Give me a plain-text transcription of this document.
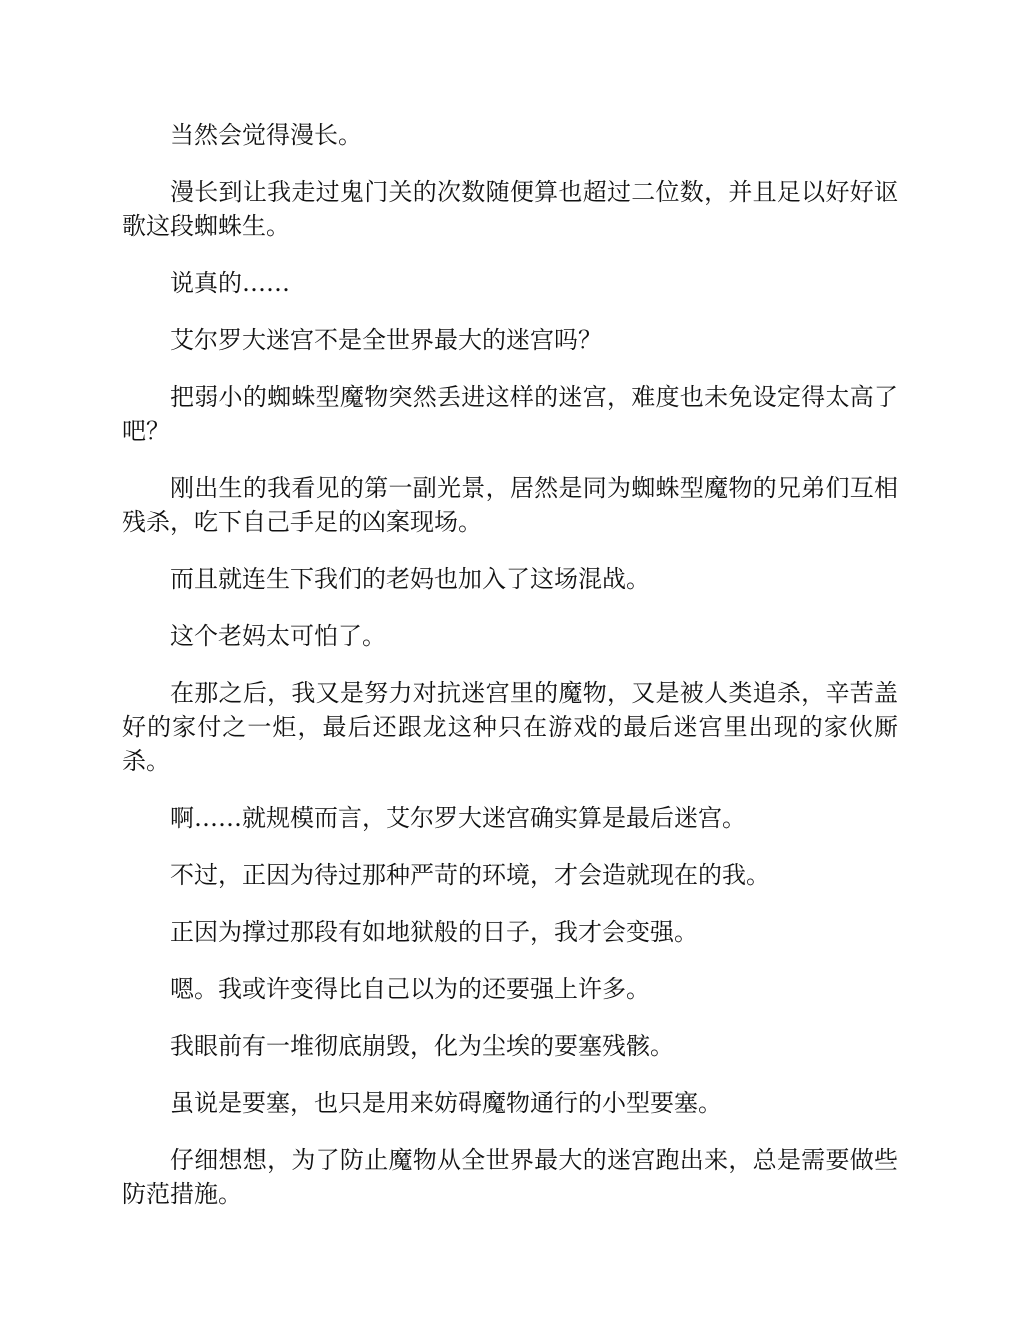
当然会觉得漫长。

漫长到让我走过鬼门关的次数随便算也超过二位数，并且足以好好讴歌这段蜘蛛生。

说真的……

艾尔罗大迷宫不是全世界最大的迷宫吗？

把弱小的蜘蛛型魔物突然丢进这样的迷宫，难度也未免设定得太高了吧？

刚出生的我看见的第一副光景，居然是同为蜘蛛型魔物的兄弟们互相残杀，吃下自己手足的凶案现场。

而且就连生下我们的老妈也加入了这场混战。

这个老妈太可怕了。

在那之后，我又是努力对抗迷宫里的魔物，又是被人类追杀，辛苦盖好的家付之一炬，最后还跟龙这种只在游戏的最后迷宫里出现的家伙厮杀。

啊……就规模而言，艾尔罗大迷宫确实算是最后迷宫。

不过，正因为待过那种严苛的环境，才会造就现在的我。

正因为撑过那段有如地狱般的日子，我才会变强。

嗯。我或许变得比自己以为的还要强上许多。

我眼前有一堆彻底崩毁，化为尘埃的要塞残骸。

虽说是要塞，也只是用来妨碍魔物通行的小型要塞。

仔细想想，为了防止魔物从全世界最大的迷宫跑出来，总是需要做些防范措施。
